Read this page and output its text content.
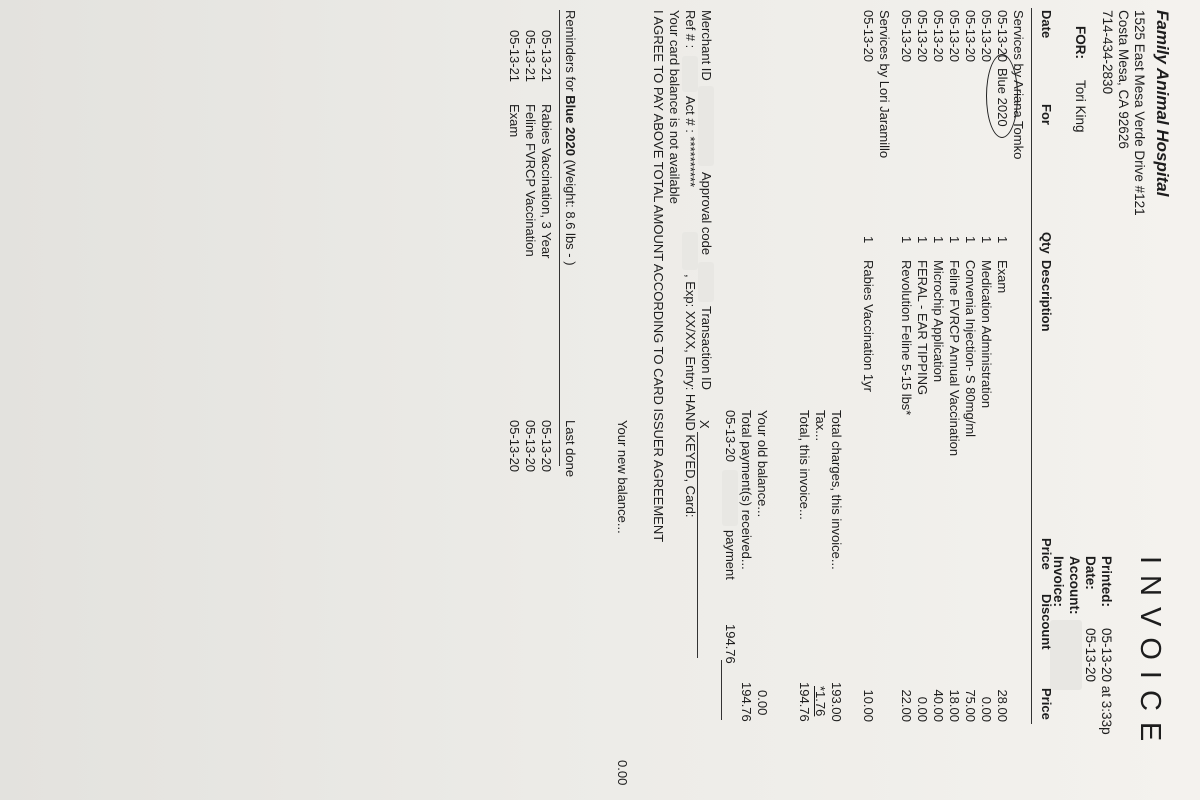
INVOICE
Family Animal Hospital
1525 East Mesa Verde Drive #121
Costa Mesa, CA 92626
714-434-2830
FOR:
Tori King
Printed:
05-13-20 at 3:33p
Date:
05-13-20
Account:
Invoice:
Date
For
Qty
Description
Price
Discount
Price
Services by Ariana Tomko
Blue 2020
05-13-20
1
Exam
28.00
05-13-20
1
Medication Administration
0.00
05-13-20
1
Convenia Injection- S 80mg/ml
75.00
05-13-20
1
Feline FVRCP Annual Vaccination
18.00
05-13-20
1
Microchip Application
40.00
05-13-20
1
FERAL - EAR TIPPING
0.00
05-13-20
1
Revolution Feline 5-15 lbs*
22.00
Services by Lori Jaramillo
05-13-20
1
Rabies Vaccination 1yr
10.00
Total charges, this invoice...
193.00
Tax...
*1.76
Total, this invoice...
194.76
Your old balance...
0.00
Total payment(s) received...
194.76
05-13-20
payment
194.76
Merchant ID
Approval code
Transaction ID
Ref # :
Act # : **********
, Exp: XX/XX, Entry: HAND KEYED, Card:
Your card balance is not available
I AGREE TO PAY ABOVE TOTAL AMOUNT ACCORDING TO CARD ISSUER AGREEMENT X
Your new balance...
0.00
Reminders for Blue 2020 (Weight: 8.6 lbs - )
Last done
05-13-21
Rabies Vaccination, 3 Year
05-13-20
05-13-21
Feline FVRCP Vaccination
05-13-20
05-13-21
Exam
05-13-20
